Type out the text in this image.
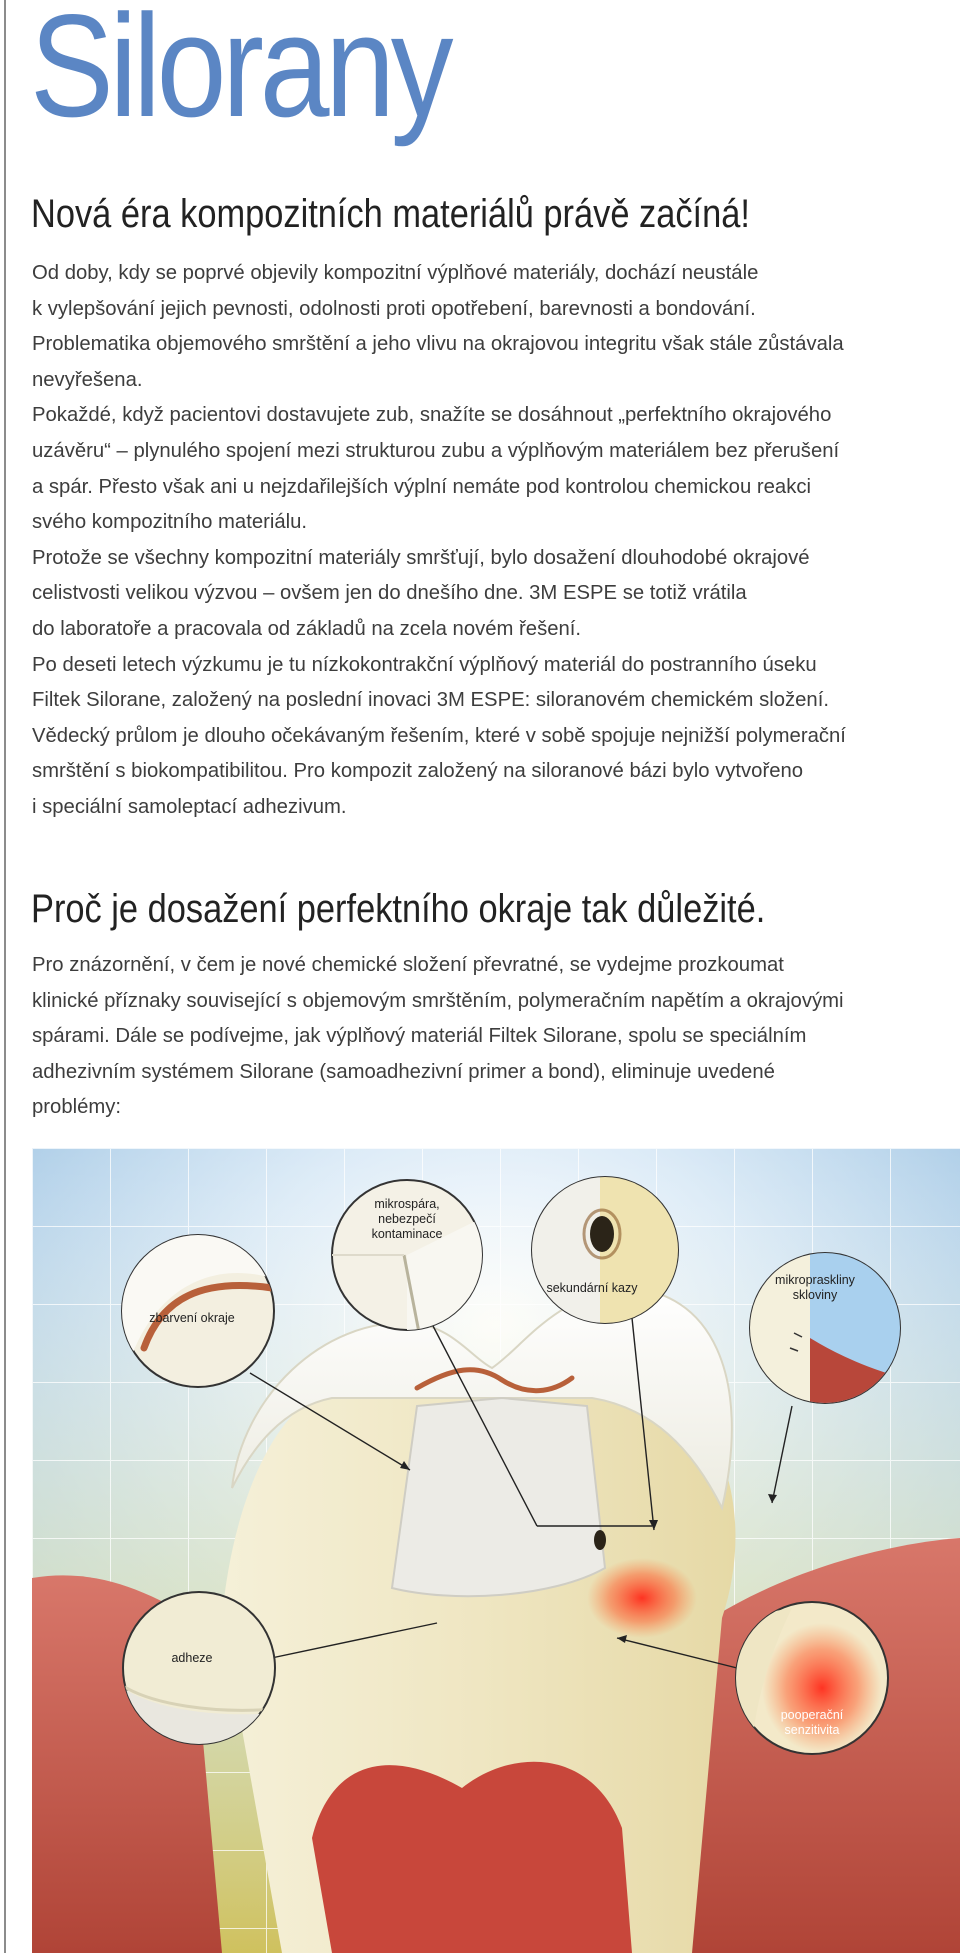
Silorany
Nová éra kompozitních materiálů právě začíná!

Od doby, kdy se poprvé objevily kompozitní výplňové materiály, dochází neustále

k vylepšování jejich pevnosti, odolnosti proti opotřebení, barevnosti a bondování.

Problematika objemového smrštění a jeho vlivu na okrajovou integritu však stále zůstávala

nevyřešena.

Pokaždé, když pacientovi dostavujete zub, snažíte se dosáhnout „perfektního okrajového

uzávěru“ – plynulého spojení mezi strukturou zubu a výplňovým materiálem bez přerušení

a spár. Přesto však ani u nejzdařilejších výplní nemáte pod kontrolou chemickou reakci

svého kompozitního materiálu.

Protože se všechny kompozitní materiály smršťují, bylo dosažení dlouhodobé okrajové

celistvosti velikou výzvou – ovšem jen do dnešího dne. 3M ESPE se totiž vrátila

do laboratoře a pracovala od základů na zcela novém řešení.

Po deseti letech výzkumu je tu nízkokontrakční výplňový materiál do postranního úseku

Filtek Silorane, založený na poslední inovaci 3M ESPE: siloranovém chemickém složení.

Vědecký průlom je dlouho očekávaným řešením, které v sobě spojuje nejnižší polymerační

smrštění s biokompatibilitou. Pro kompozit založený na siloranové bázi bylo vytvořeno

i speciální samoleptací adhezivum.

Proč je dosažení perfektního okraje tak důležité.

Pro znázornění, v čem je nové chemické složení převratné, se vydejme prozkoumat

klinické příznaky související s objemovým smrštěním, polymeračním napětím a okrajovými

spárami. Dále se podívejme, jak výplňový materiál Filtek Silorane, spolu se speciálním

adhezivním systémem Silorane (samoadhezivní primer a bond), eliminuje uvedené

problémy:

mikrospára,
nebezpečí
kontaminace
sekundární kazy
mikropraskliny
skloviny
zbarvení okraje
adheze
pooperační
senzitivita
